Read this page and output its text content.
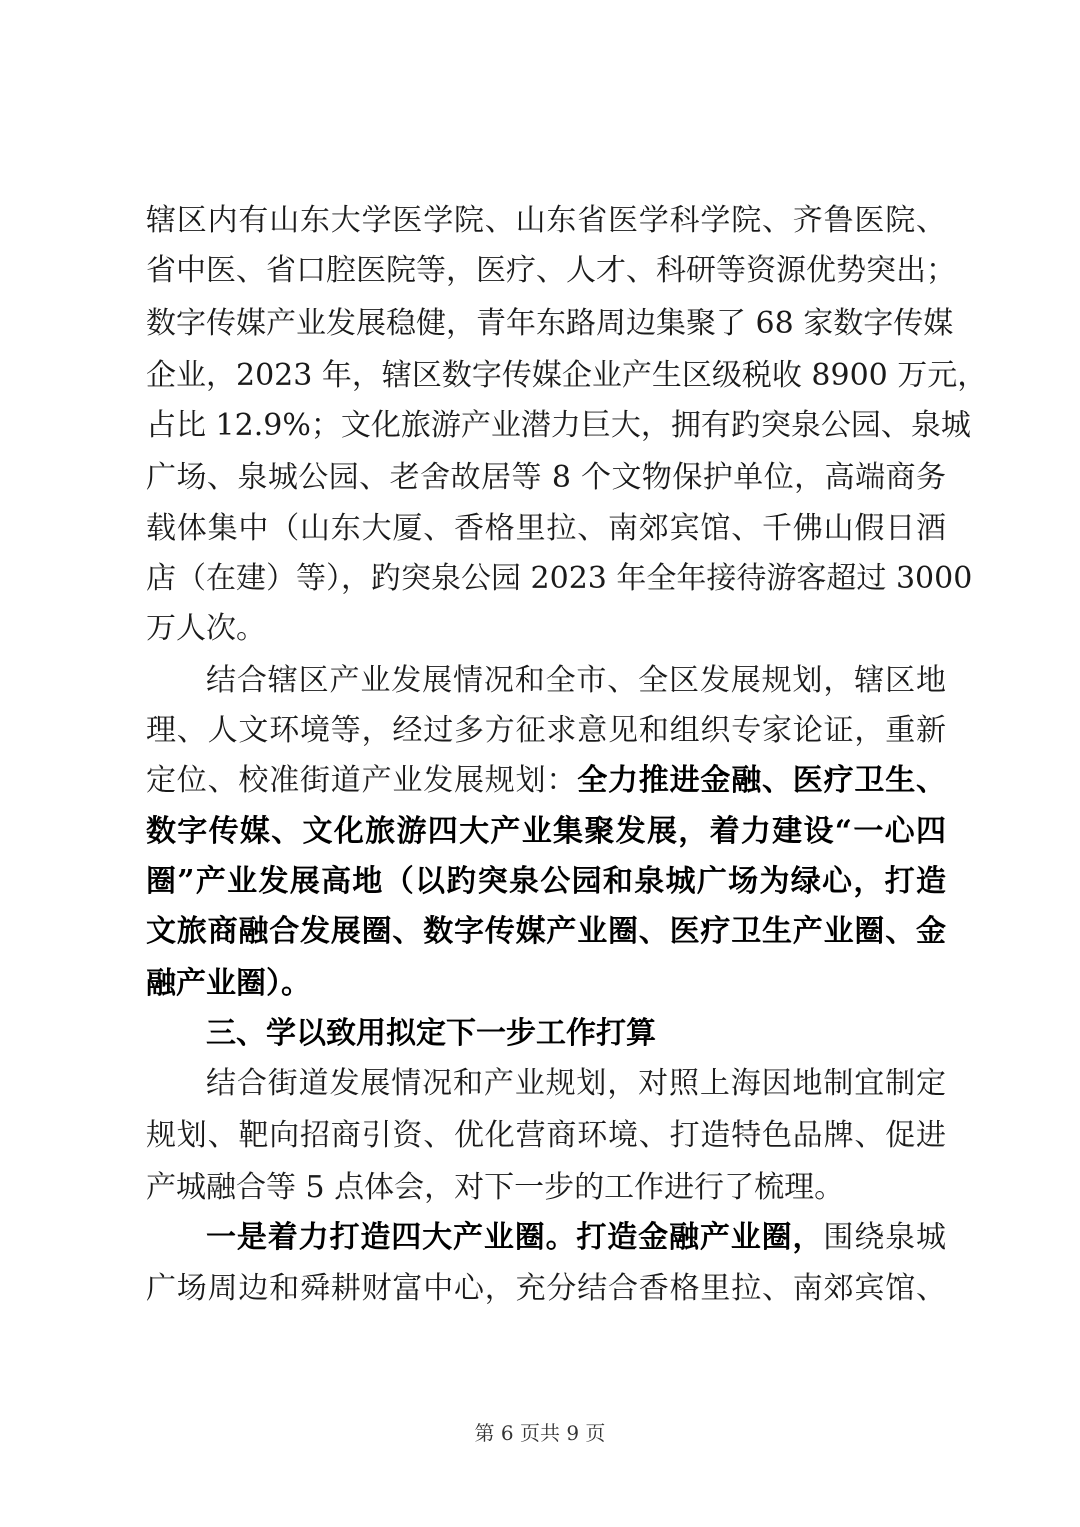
辖区内有山东大学医学院、山东省医学科学院、齐鲁医院、

省中医、省口腔医院等，医疗、人才、科研等资源优势突出；

数字传媒产业发展稳健，青年东路周边集聚了 68 家数字传媒

企业，2023 年，辖区数字传媒企业产生区级税收 8900 万元，

占比 12.9%；文化旅游产业潜力巨大，拥有趵突泉公园、泉城

广场、泉城公园、老舍故居等 8 个文物保护单位，高端商务

载体集中（山东大厦、香格里拉、南郊宾馆、千佛山假日酒

店（在建）等），趵突泉公园 2023 年全年接待游客超过 3000

万人次。

结合辖区产业发展情况和全市、全区发展规划，辖区地

理、人文环境等，经过多方征求意见和组织专家论证，重新

定位、校准街道产业发展规划：全力推进金融、医疗卫生、

数字传媒、文化旅游四大产业集聚发展，着力建设“一心四

圈”产业发展高地（以趵突泉公园和泉城广场为绿心，打造

文旅商融合发展圈、数字传媒产业圈、医疗卫生产业圈、金

融产业圈）。

三、学以致用拟定下一步工作打算

结合街道发展情况和产业规划，对照上海因地制宜制定

规划、靶向招商引资、优化营商环境、打造特色品牌、促进

产城融合等 5 点体会，对下一步的工作进行了梳理。

一是着力打造四大产业圈。打造金融产业圈，围绕泉城

广场周边和舜耕财富中心，充分结合香格里拉、南郊宾馆、

第 6 页共 9 页
